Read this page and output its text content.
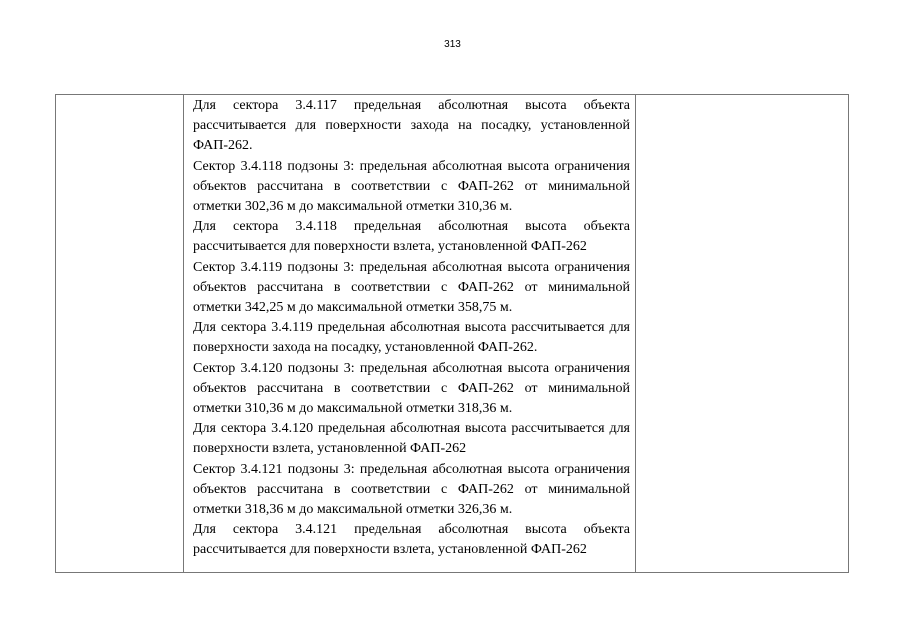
313

Для сектора 3.4.117 предельная абсолютная высота объекта рассчитывается для поверхности захода на посадку, установленной ФАП-262.

Сектор 3.4.118 подзоны 3: предельная абсолютная высота ограничения объектов рассчитана в соответствии с ФАП-262 от минимальной отметки 302,36 м до максимальной отметки 310,36 м.

Для сектора 3.4.118 предельная абсолютная высота объекта рассчитывается для поверхности взлета, установленной ФАП-262

Сектор 3.4.119 подзоны 3: предельная абсолютная высота ограничения объектов рассчитана в соответствии с ФАП-262 от минимальной отметки 342,25 м до максимальной отметки 358,75 м.

Для сектора 3.4.119 предельная абсолютная высота рассчитывается для поверхности захода на посадку, установленной ФАП-262.

Сектор 3.4.120 подзоны 3: предельная абсолютная высота ограничения объектов рассчитана в соответствии с ФАП-262 от минимальной отметки 310,36 м до максимальной отметки 318,36 м.

Для сектора 3.4.120 предельная абсолютная высота рассчитывается для поверхности взлета, установленной ФАП-262

Сектор 3.4.121 подзоны 3: предельная абсолютная высота ограничения объектов рассчитана в соответствии с ФАП-262 от минимальной отметки 318,36 м до максимальной отметки 326,36 м.

Для сектора 3.4.121 предельная абсолютная высота объекта рассчитывается для поверхности взлета, установленной ФАП-262
